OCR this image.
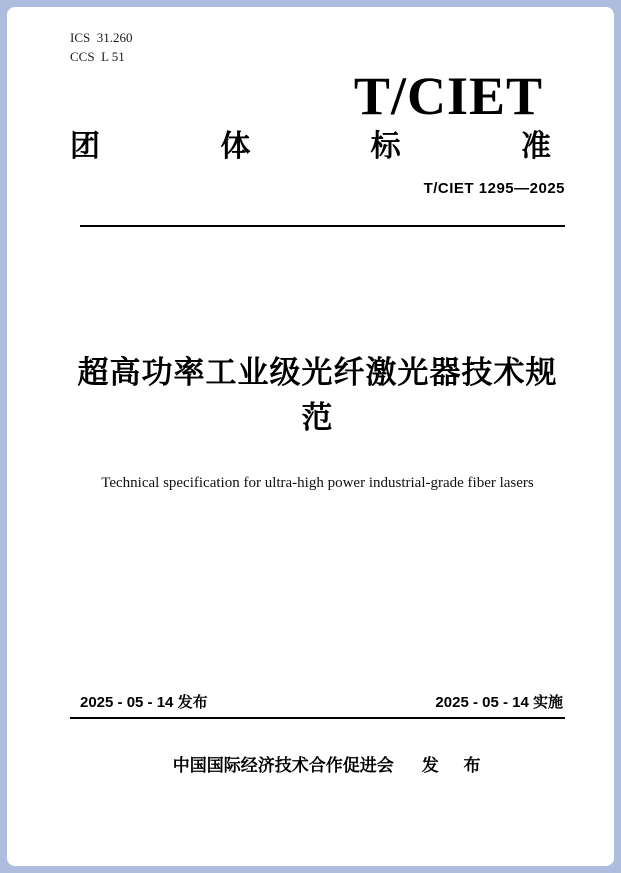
ICS  31.260
CCS  L 51
T/CIET
团	体	标	准
T/CIET 1295—2025
超高功率工业级光纤激光器技术规范
Technical specification for ultra-high power industrial-grade fiber lasers
2025 - 05 - 14 发布	2025 - 05 - 14 实施

中国国际经济技术合作促进会 发 布
